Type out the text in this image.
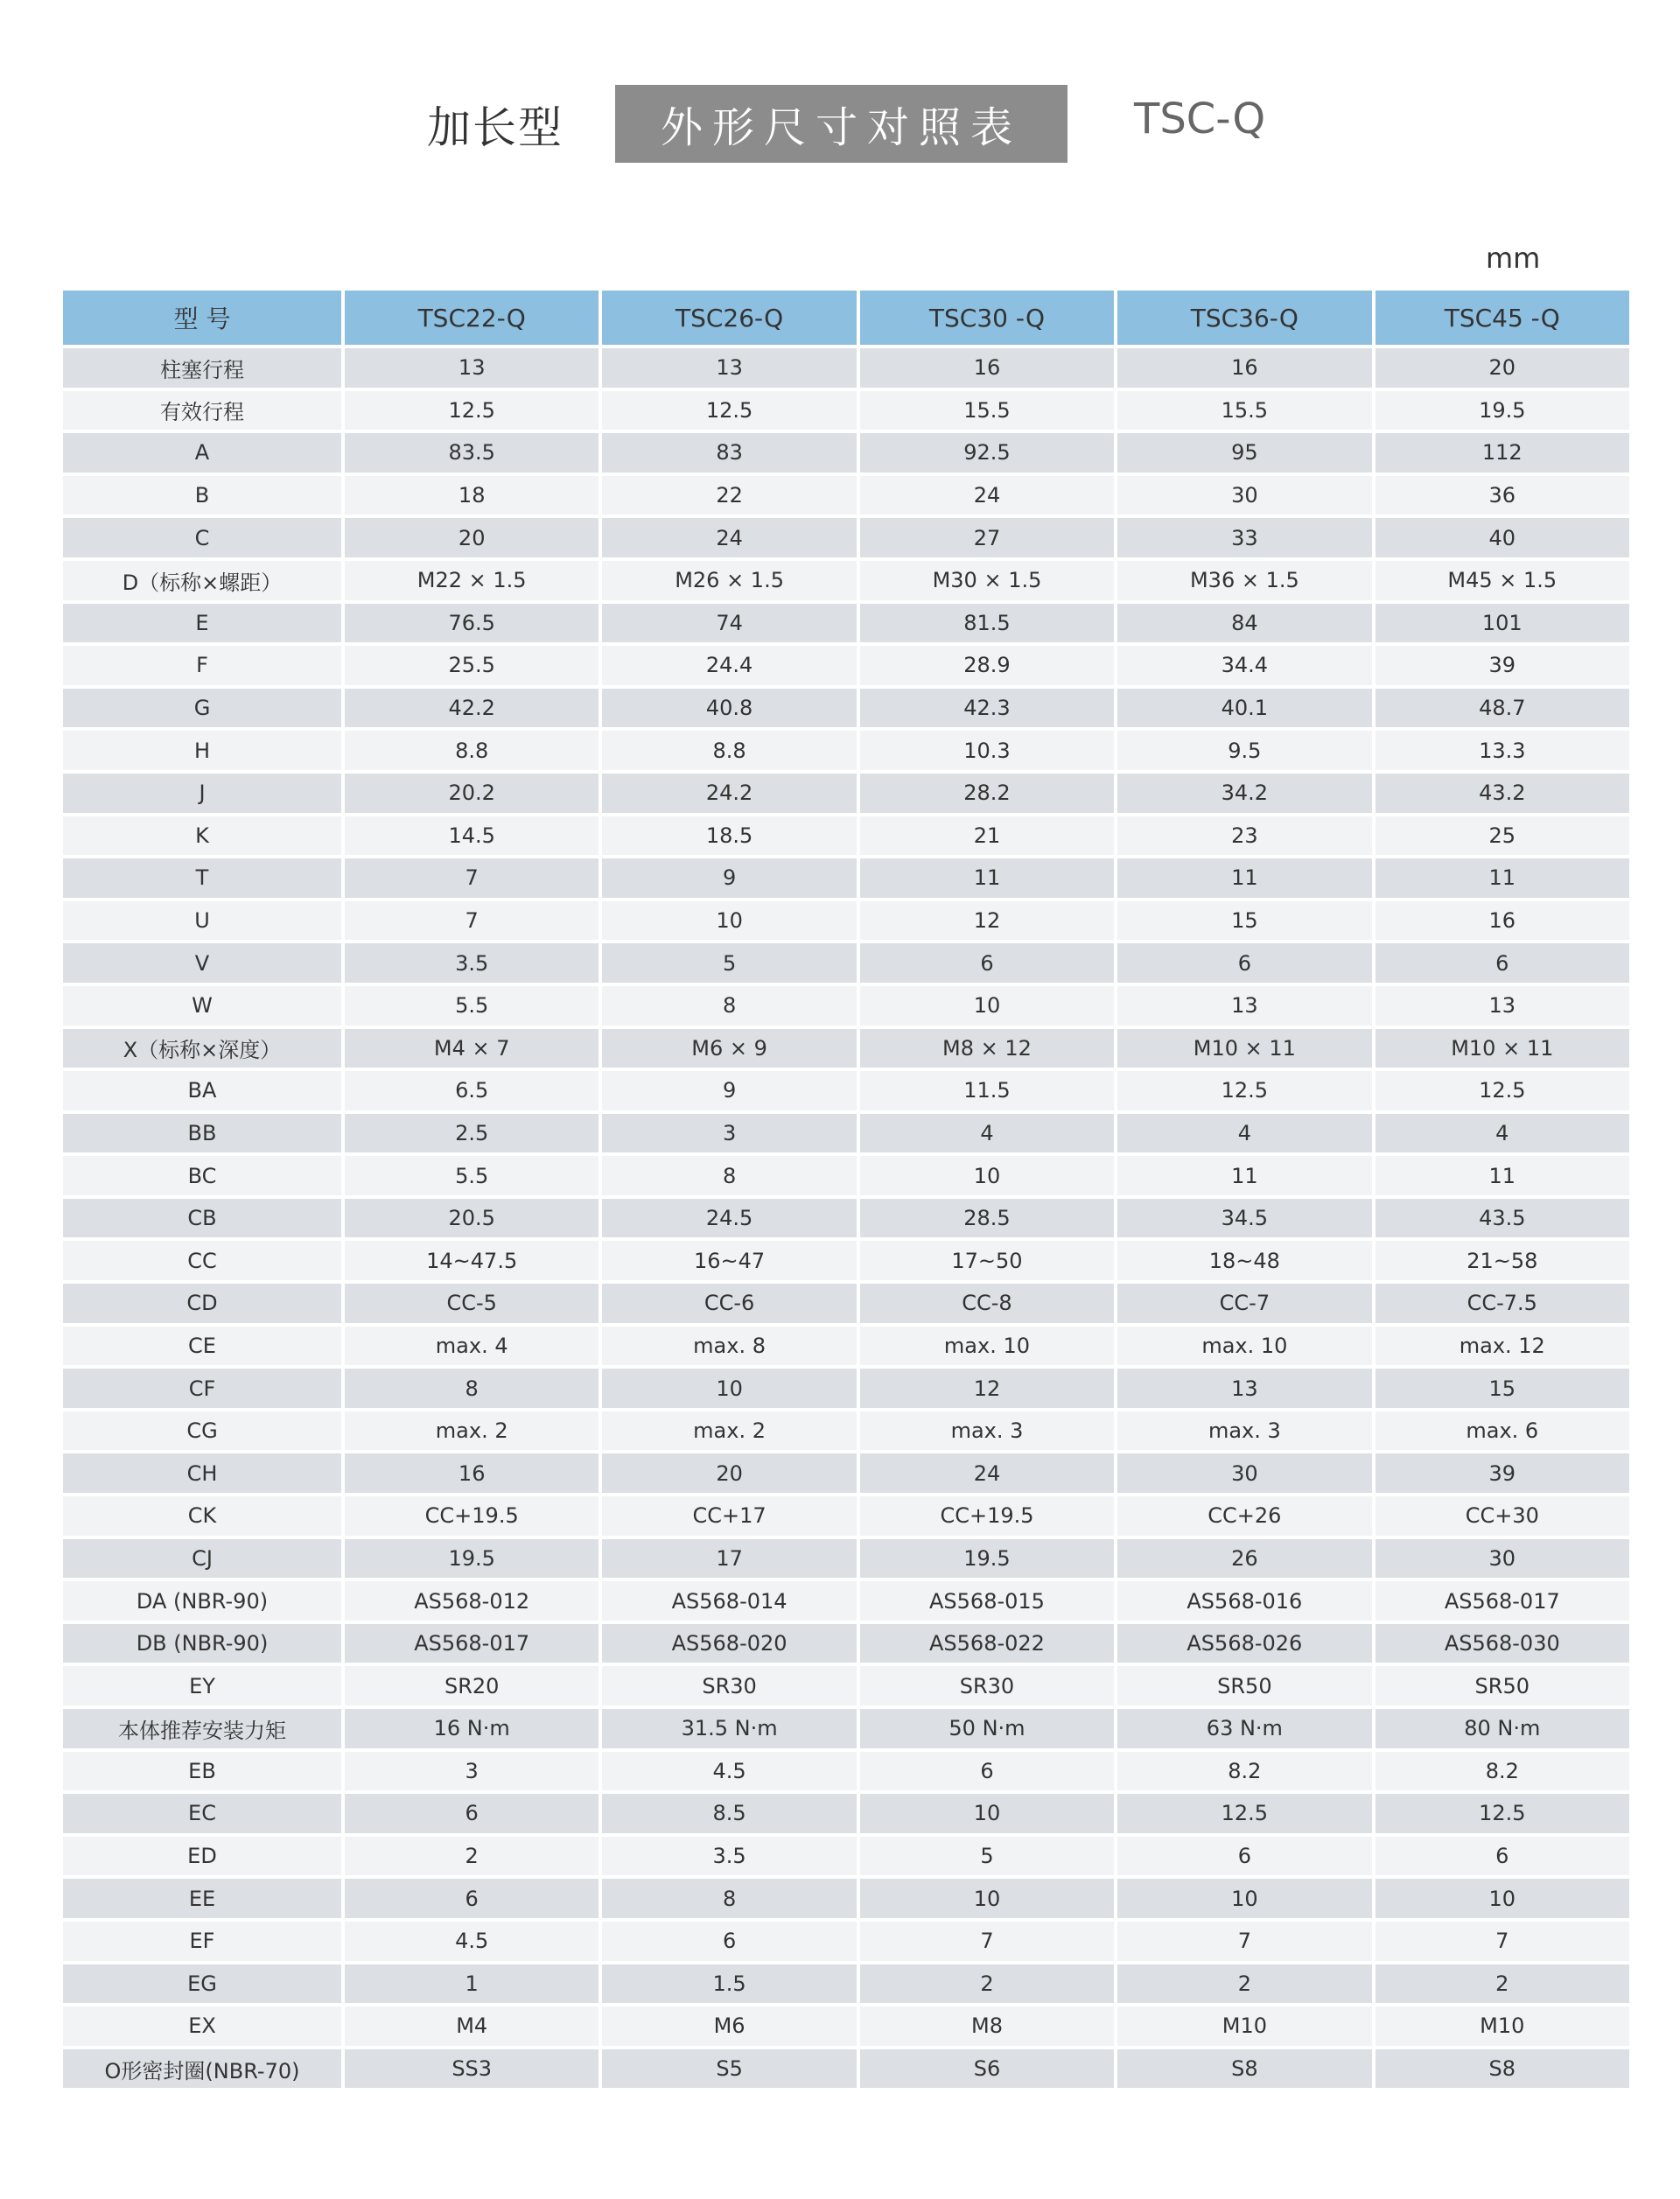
加长型	外形尺寸对照表	TSC-Q
mm
型 号	TSC22-Q	TSC26-Q	TSC30 -Q	TSC36-Q	TSC45 -Q
柱塞行程	13	13	16	16	20
有效行程	12.5	12.5	15.5	15.5	19.5
A	83.5	83	92.5	95	112
B	18	22	24	30	36
C	20	24	27	33	40
D（标称×螺距）	M22 × 1.5	M26 × 1.5	M30 × 1.5	M36 × 1.5	M45 × 1.5
E	76.5	74	81.5	84	101
F	25.5	24.4	28.9	34.4	39
G	42.2	40.8	42.3	40.1	48.7
H	8.8	8.8	10.3	9.5	13.3
J	20.2	24.2	28.2	34.2	43.2
K	14.5	18.5	21	23	25
T	7	9	11	11	11
U	7	10	12	15	16
V	3.5	5	6	6	6
W	5.5	8	10	13	13
X（标称×深度）	M4 × 7	M6 × 9	M8 × 12	M10 × 11	M10 × 11
BA	6.5	9	11.5	12.5	12.5
BB	2.5	3	4	4	4
BC	5.5	8	10	11	11
CB	20.5	24.5	28.5	34.5	43.5
CC	14~47.5	16~47	17~50	18~48	21~58
CD	CC-5	CC-6	CC-8	CC-7	CC-7.5
CE	max. 4	max. 8	max. 10	max. 10	max. 12
CF	8	10	12	13	15
CG	max. 2	max. 2	max. 3	max. 3	max. 6
CH	16	20	24	30	39
CK	CC+19.5	CC+17	CC+19.5	CC+26	CC+30
CJ	19.5	17	19.5	26	30
DA (NBR-90)	AS568-012	AS568-014	AS568-015	AS568-016	AS568-017
DB (NBR-90)	AS568-017	AS568-020	AS568-022	AS568-026	AS568-030
EY	SR20	SR30	SR30	SR50	SR50
本体推荐安装力矩	16 N·m	31.5 N·m	50 N·m	63 N·m	80 N·m
EB	3	4.5	6	8.2	8.2
EC	6	8.5	10	12.5	12.5
ED	2	3.5	5	6	6
EE	6	8	10	10	10
EF	4.5	6	7	7	7
EG	1	1.5	2	2	2
EX	M4	M6	M8	M10	M10
O形密封圈(NBR-70)	SS3	S5	S6	S8	S8
